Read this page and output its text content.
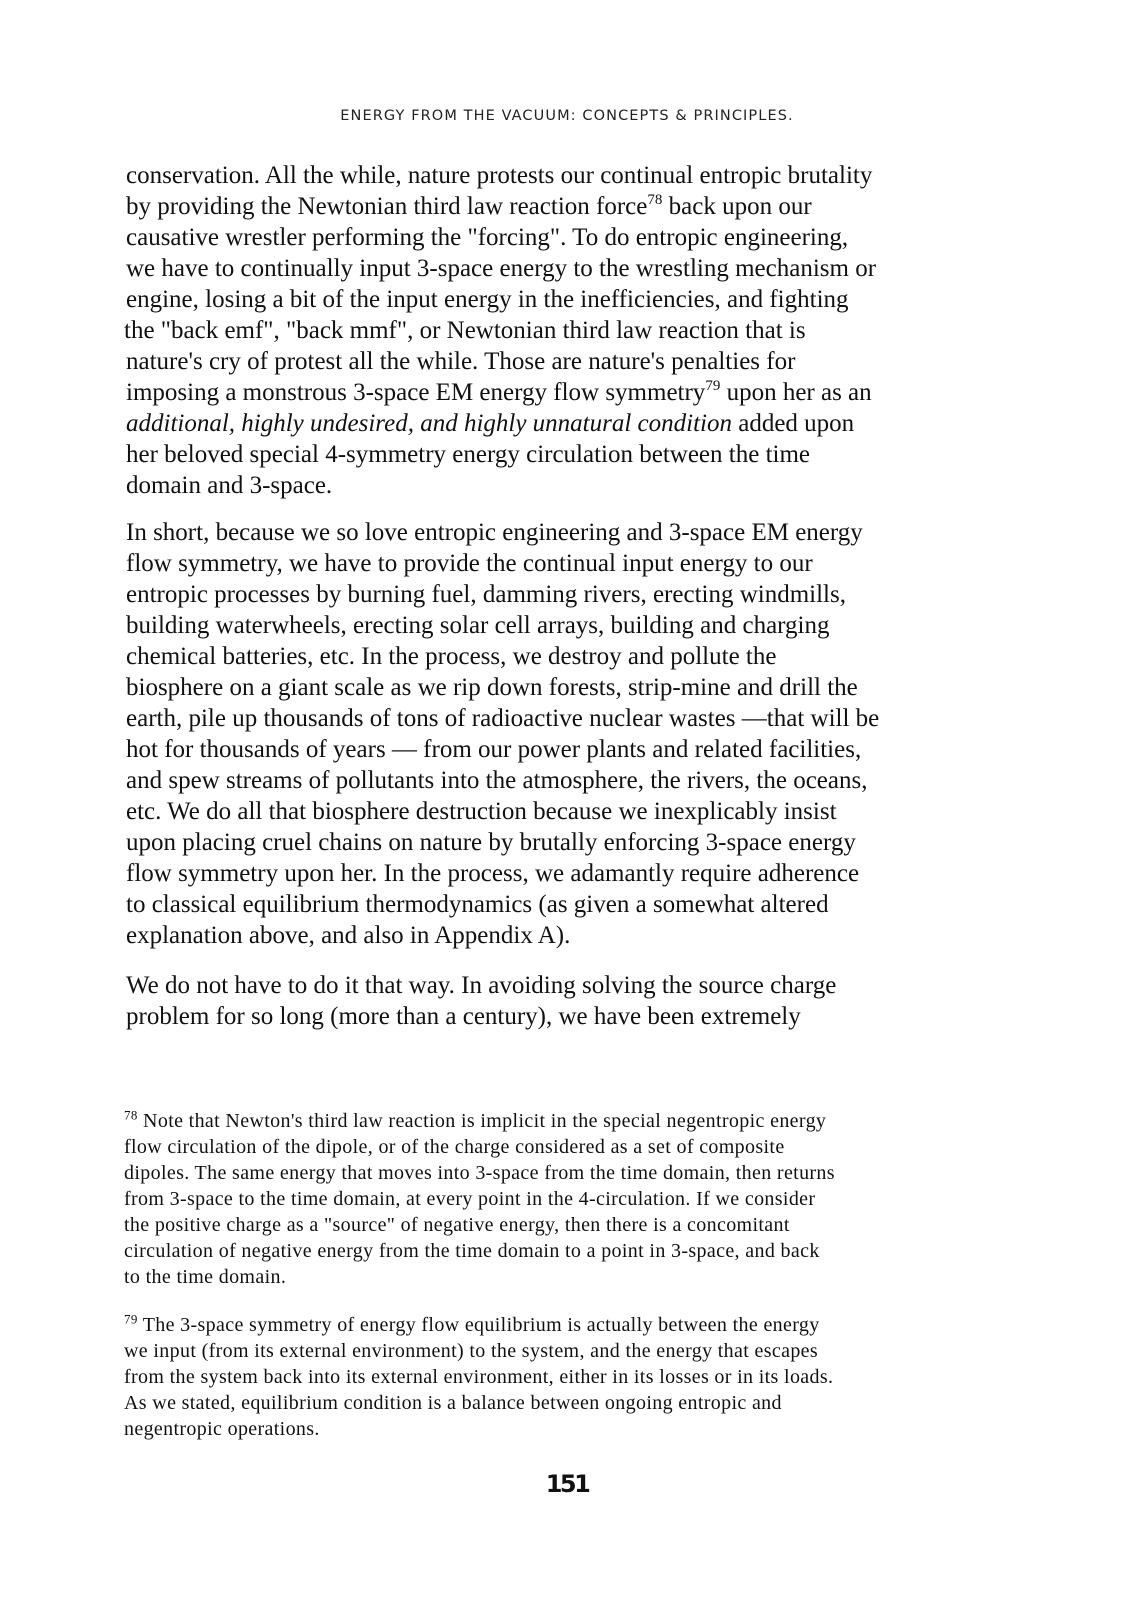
ENERGY FROM THE VACUUM: CONCEPTS & PRINCIPLES.

conservation. All the while, nature protests our continual entropic brutality
by providing the Newtonian third law reaction force$^{78}$ back upon our
causative wrestler performing the "forcing". To do entropic engineering,
we have to continually input 3-space energy to the wrestling mechanism or
engine, losing a bit of the input energy in the inefficiencies, and fighting
the "back emf", "back mmf", or Newtonian third law reaction that is
nature's cry of protest all the while. Those are nature's penalties for
imposing a monstrous 3-space EM energy flow symmetry$^{79}$ upon her as an
additional, highly undesired, and highly unnatural condition added upon
her beloved special 4-symmetry energy circulation between the time
domain and 3-space.

In short, because we so love entropic engineering and 3-space EM energy
flow symmetry, we have to provide the continual input energy to our
entropic processes by burning fuel, damming rivers, erecting windmills,
building waterwheels, erecting solar cell arrays, building and charging
chemical batteries, etc. In the process, we destroy and pollute the
biosphere on a giant scale as we rip down forests, strip-mine and drill the
earth, pile up thousands of tons of radioactive nuclear wastes —that will be
hot for thousands of years — from our power plants and related facilities,
and spew streams of pollutants into the atmosphere, the rivers, the oceans,
etc. We do all that biosphere destruction because we inexplicably insist
upon placing cruel chains on nature by brutally enforcing 3-space energy
flow symmetry upon her. In the process, we adamantly require adherence
to classical equilibrium thermodynamics (as given a somewhat altered
explanation above, and also in Appendix A).

We do not have to do it that way. In avoiding solving the source charge
problem for so long (more than a century), we have been extremely

$^{78}$ Note that Newton's third law reaction is implicit in the special negentropic energy
flow circulation of the dipole, or of the charge considered as a set of composite
dipoles. The same energy that moves into 3-space from the time domain, then returns
from 3-space to the time domain, at every point in the 4-circulation. If we consider
the positive charge as a "source" of negative energy, then there is a concomitant
circulation of negative energy from the time domain to a point in 3-space, and back
to the time domain.
$^{79}$ The 3-space symmetry of energy flow equilibrium is actually between the energy
we input (from its external environment) to the system, and the energy that escapes
from the system back into its external environment, either in its losses or in its loads.
As we stated, equilibrium condition is a balance between ongoing entropic and
negentropic operations.
151
